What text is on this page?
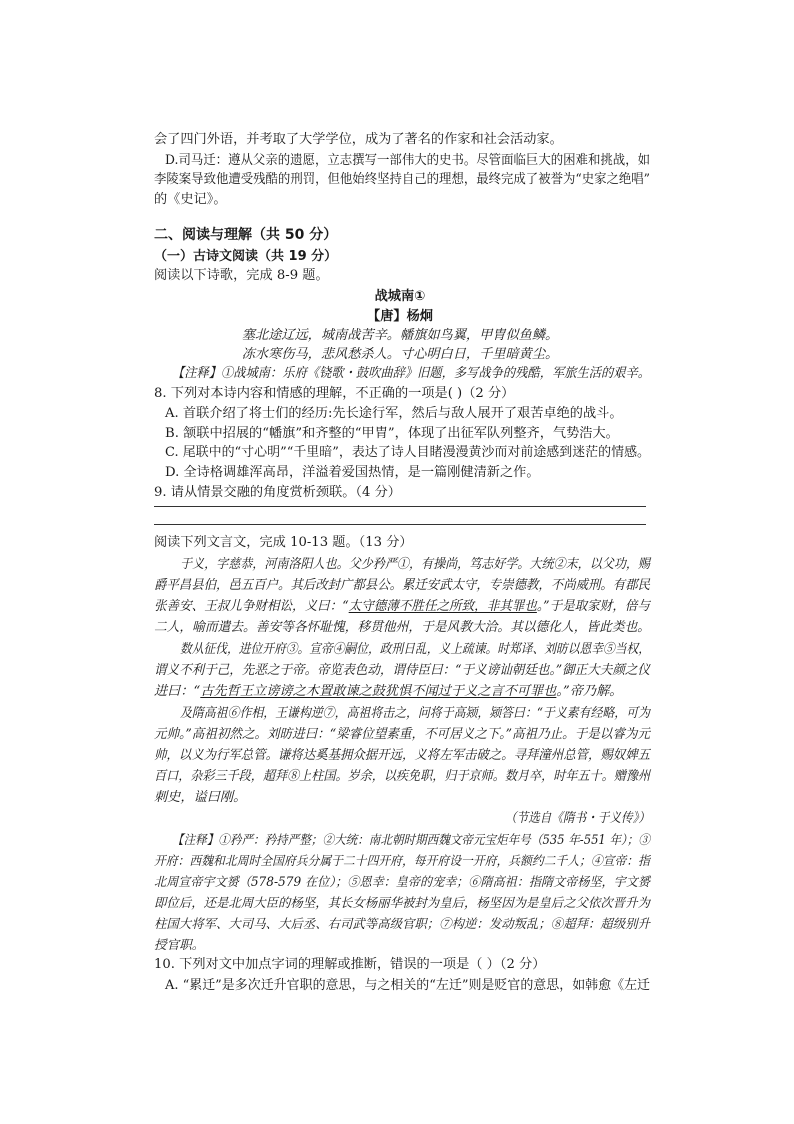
会了四门外语，并考取了大学学位，成为了著名的作家和社会活动家。
D.司马迁：遵从父亲的遗愿，立志撰写一部伟大的史书。尽管面临巨大的困难和挑战，如
李陵案导致他遭受残酷的刑罚，但他始终坚持自己的理想，最终完成了被誉为“史家之绝唱”
的《史记》。
二、阅读与理解（共 50 分）
（一）古诗文阅读（共 19 分）
阅读以下诗歌，完成 8-9 题。
战城南①
【唐】杨炯
塞北途辽远，城南战苦辛。幡旗如鸟翼，甲胄似鱼鳞。
冻水寒伤马，悲风愁杀人。寸心明白日，千里暗黄尘。
【注释】①战城南：乐府《铙歌・鼓吹曲辞》旧题，多写战争的残酷，军旅生活的艰辛。
8. 下列对本诗内容和情感的理解，不正确的一项是( )（2 分）
A. 首联介绍了将士们的经历:先长途行军，然后与敌人展开了艰苦卓绝的战斗。
B. 颔联中招展的“幡旗”和齐整的“甲胄”，体现了出征军队列整齐，气势浩大。
C. 尾联中的“寸心明”“千里暗”，表达了诗人目睹漫漫黄沙而对前途感到迷茫的情感。
D. 全诗格调雄浑高昂，洋溢着爱国热情，是一篇刚健清新之作。
9. 请从情景交融的角度赏析颈联。（4 分）
阅读下列文言文，完成 10-13 题。（13 分）
于义，字慈恭，河南洛阳人也。父少矜严①，有操尚，笃志好学。大统②末，以父功，赐
爵平昌县伯，邑五百户。其后改封广都县公。累迁安武太守，专崇德教，不尚威刑。有郡民
张善安、王叔儿争财相讼，义曰：“太守德薄不胜任之所致，非其罪也。”于是取家财，倍与
二人，喻而遣去。善安等各怀耻愧，移贯他州，于是风教大洽。其以德化人，皆此类也。
数从征伐，进位开府③。宣帝④嗣位，政刑日乱，义上疏谏。时郑译、刘昉以恩幸⑤当权，
谓义不利于己，先恶之于帝。帝览表色动，谓侍臣曰：“于义谤讪朝廷也。”御正大夫颜之仪
进曰：“古先哲王立谤谤之木置敢谏之鼓犹惧不闻过于义之言不可罪也。”帝乃解。
及隋高祖⑥作相，王谦构逆⑦，高祖将击之，问将于高颎，颎答曰：“于义素有经略，可为
元帅。”高祖初然之。刘昉进曰：“梁睿位望素重，不可居义之下。”高祖乃止。于是以睿为元
帅，以义为行军总管。谦将达奚基拥众据开远，义将左军击破之。寻拜潼州总管，赐奴婢五
百口，杂彩三千段，超拜⑧上柱国。岁余，以疾免职，归于京师。数月卒，时年五十。赠豫州
刺史，谥曰刚。
（节选自《隋书・于义传》）
【注释】①矜严：矜持严整；②大统：南北朝时期西魏文帝元宝炬年号（535 年-551 年）；③
开府：西魏和北周时全国府兵分属于二十四开府，每开府设一开府，兵额约二千人；④宣帝：指
北周宣帝宇文赟（578-579 在位）；⑤恩幸：皇帝的宠幸；⑥隋高祖：指隋文帝杨坚，宇文赟
即位后，还是北周大臣的杨坚，其长女杨丽华被封为皇后，杨坚因为是皇后之父依次晋升为
柱国大将军、大司马、大后丞、右司武等高级官职；⑦构逆：发动叛乱；⑧超拜：超级别升
授官职。
10. 下列对文中加点字词的理解或推断，错误的一项是（ ）（2 分）
A. “累迁”是多次迁升官职的意思，与之相关的“左迁”则是贬官的意思，如韩愈《左迁
